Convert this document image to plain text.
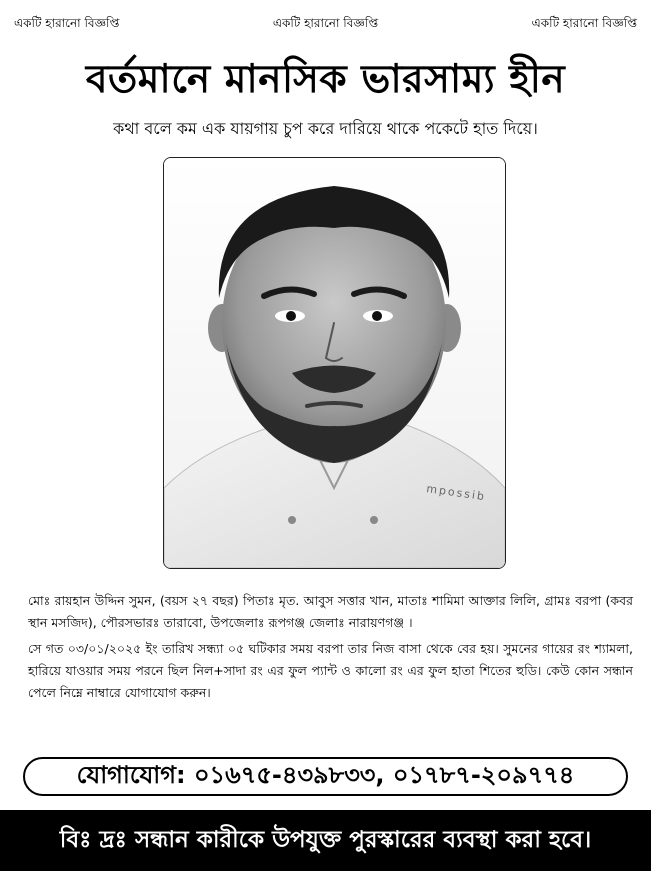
একটি হারানো বিজ্ঞপ্তি	একটি হারানো বিজ্ঞপ্তি	একটি হারানো বিজ্ঞপ্তি
বর্তমানে মানসিক ভারসাম্য হীন
কথা বলে কম এক যায়গায় চুপ করে দারিয়ে থাকে পকেটে হাত দিয়ে।
mpossib

মোঃ রায়হান উদ্দিন সুমন, (বয়স ২৭ বছর) পিতাঃ মৃত. আবুস সত্তার খান, মাতাঃ শামিমা আক্তার লিলি, গ্রামঃ বরপা (কবর স্থান মসজিদ), পৌরসভারঃ তারাবো, উপজেলাঃ রূপগঞ্জ জেলাঃ নারায়ণগঞ্জ ।

সে গত ০৩/০১/২০২৫ ইং তারিখ সন্ধ্যা ০৫ ঘটিকার সময় বরপা তার নিজ বাসা থেকে বের হয়। সুমনের গায়ের রং শ্যামলা, হারিয়ে যাওয়ার সময় পরনে ছিল নিল+সাদা রং এর ফুল প্যান্ট ও কালো রং এর ফুল হাতা শিতের হুডি। কেউ কোন সন্ধান পেলে নিম্নে নাম্বারে যোগাযোগ করুন।

যোগাযোগ: ০১৬৭৫-৪৩৯৮৩৩, ০১৭৮৭-২০৯৭৭৪
বিঃ দ্রঃ সন্ধান কারীকে উপযুক্ত পুরস্কারের ব্যবস্থা করা হবে।
